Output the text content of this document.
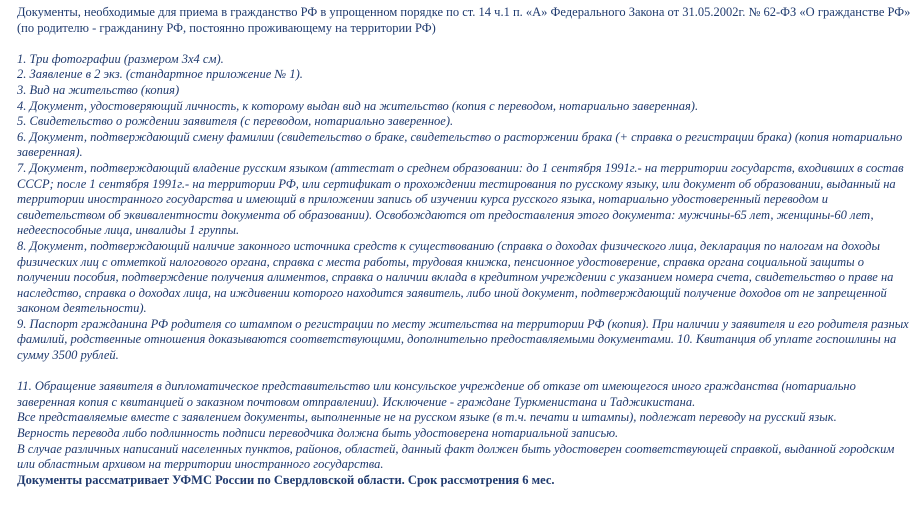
Документы, необходимые для приема в гражданство РФ в упрощенном порядке по ст. 14 ч.1 п. «А» Федерального Закона от 31.05.2002г. № 62-ФЗ «О гражданстве РФ» (по родителю - гражданину РФ, постоянно проживающему на территории РФ)

1. Три фотографии (размером 3х4 см).

2. Заявление в 2 экз. (стандартное приложение № 1).

3. Вид на жительство (копия)

4. Документ, удостоверяющий личность, к которому выдан вид на жительство (копия с переводом, нотариально заверенная).

5. Свидетельство о рождении заявителя (с переводом, нотариально заверенное).

6. Документ, подтверждающий смену фамилии (свидетельство о браке, свидетельство о расторжении брака (+ справка о регистрации брака) (копия нотариально заверенная).

7. Документ, подтверждающий владение русским языком (аттестат о среднем образовании: до 1 сентября 1991г.- на территории государств, входивших в состав СССР; после 1 сентября 1991г.- на территории РФ, или сертификат о прохождении тестирования по русскому языку, или документ об образовании, выданный на территории иностранного государства и имеющий в приложении запись об изучении курса русского языка, нотариально удостоверенный переводом и свидетельством об эквивалентности документа об образовании). Освобождаются от предоставления этого документа: мужчины-65 лет, женщины-60 лет, недееспособные лица, инвалиды 1 группы.

8. Документ, подтверждающий наличие законного источника средств к существованию (справка о доходах физического лица, декларация по налогам на доходы физических лиц с отметкой налогового органа, справка с места работы, трудовая книжка, пенсионное удостоверение, справка органа социальной защиты о получении пособия, подтверждение получения алиментов, справка о наличии вклада в кредитном учреждении с указанием номера счета, свидетельство о праве на наследство, справка о доходах лица, на иждивении которого находится заявитель, либо иной документ, подтверждающий получение доходов от не запрещенной законом деятельности).

9. Паспорт гражданина РФ родителя со штампом о регистрации по месту жительства на территории РФ (копия). При наличии у заявителя и его родителя разных фамилий, родственные отношения доказываются соответствующими, дополнительно предоставляемыми документами. 10. Квитанция об уплате госпошлины на сумму 3500 рублей.

11. Обращение заявителя в дипломатическое представительство или консульское учреждение об отказе от имеющегося иного гражданства (нотариально заверенная копия с квитанцией о заказном почтовом отправлении). Исключение - граждане Туркменистана и Таджикистана.

Все представляемые вместе с заявлением документы, выполненные не на русском языке (в т.ч. печати и штампы), подлежат переводу на русский язык.

Верность перевода либо подлинность подписи переводчика должна быть удостоверена нотариальной записью.

В случае различных написаний населенных пунктов, районов, областей, данный факт должен быть удостоверен соответствующей справкой, выданной городским или областным архивом на территории иностранного государства.

Документы рассматривает УФМС России по Свердловской области. Срок рассмотрения 6 мес.
